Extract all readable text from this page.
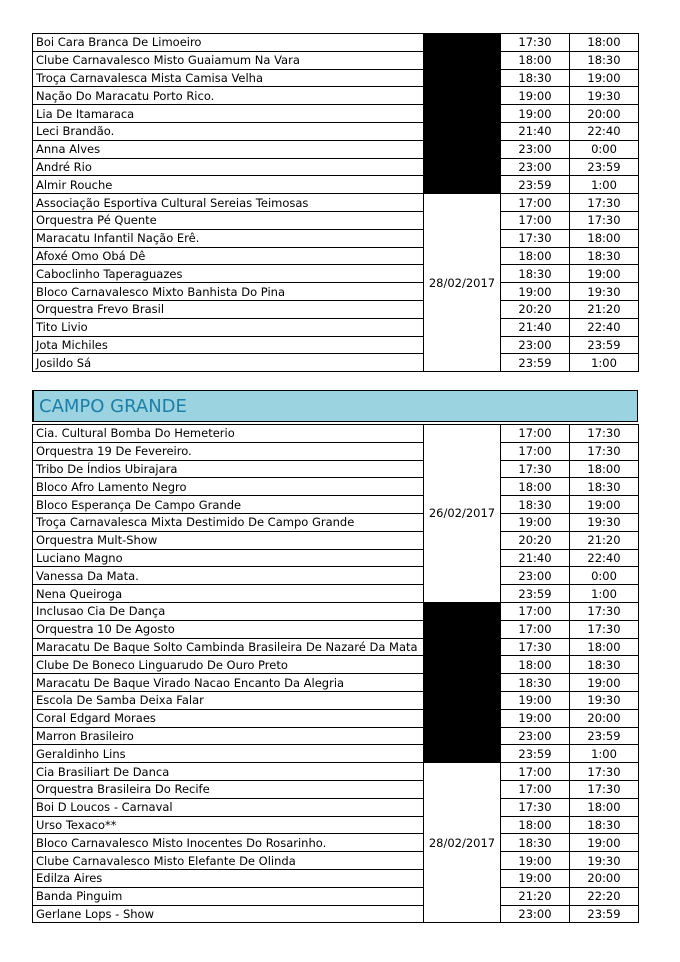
Boi Cara Branca De Limoeiro	27/02/2017	17:30	18:00
Clube Carnavalesco Misto Guaiamum Na Vara		18:00	18:30
Troça Carnavalesca Mista Camisa Velha		18:30	19:00
Nação Do Maracatu Porto Rico.		19:00	19:30
Lia De Itamaraca		19:00	20:00
Leci Brandão.		21:40	22:40
Anna Alves		23:00	0:00
André Rio		23:00	23:59
Almir Rouche		23:59	1:00
Associação Esportiva Cultural Sereias Teimosas	28/02/2017	17:00	17:30
Orquestra Pé Quente		17:00	17:30
Maracatu Infantil Nação Erê.		17:30	18:00
Afoxé Omo Obá Dê		18:00	18:30
Caboclinho Taperaguazes		18:30	19:00
Bloco Carnavalesco Mixto Banhista Do Pina		19:00	19:30
Orquestra Frevo Brasil		20:20	21:20
Tito Livio		21:40	22:40
Jota Michiles		23:00	23:59
Josildo Sá		23:59	1:00
CAMPO GRANDE
Cia. Cultural Bomba Do Hemeterio	26/02/2017	17:00	17:30
Orquestra 19 De Fevereiro.		17:00	17:30
Tribo De Índios Ubirajara		17:30	18:00
Bloco Afro Lamento Negro		18:00	18:30
Bloco Esperança De Campo Grande		18:30	19:00
Troça Carnavalesca Mixta Destimido De Campo Grande		19:00	19:30
Orquestra Mult-Show		20:20	21:20
Luciano Magno		21:40	22:40
Vanessa Da Mata.		23:00	0:00
Nena Queiroga		23:59	1:00
Inclusao Cia De Dança	27/02/2017	17:00	17:30
Orquestra 10 De Agosto		17:00	17:30
Maracatu De Baque Solto Cambinda Brasileira De Nazaré Da Mata		17:30	18:00
Clube De Boneco Linguarudo De Ouro Preto		18:00	18:30
Maracatu De Baque Virado Nacao Encanto Da Alegria		18:30	19:00
Escola De Samba Deixa Falar		19:00	19:30
Coral Edgard Moraes		19:00	20:00
Marron Brasileiro		23:00	23:59
Geraldinho Lins		23:59	1:00
Cia Brasiliart De Danca	28/02/2017	17:00	17:30
Orquestra Brasileira Do Recife		17:00	17:30
Boi D Loucos - Carnaval		17:30	18:00
Urso Texaco**		18:00	18:30
Bloco Carnavalesco Misto Inocentes Do Rosarinho.		18:30	19:00
Clube Carnavalesco Misto Elefante De Olinda		19:00	19:30
Edilza Aires		19:00	20:00
Banda Pinguim		21:20	22:20
Gerlane Lops - Show		23:00	23:59
